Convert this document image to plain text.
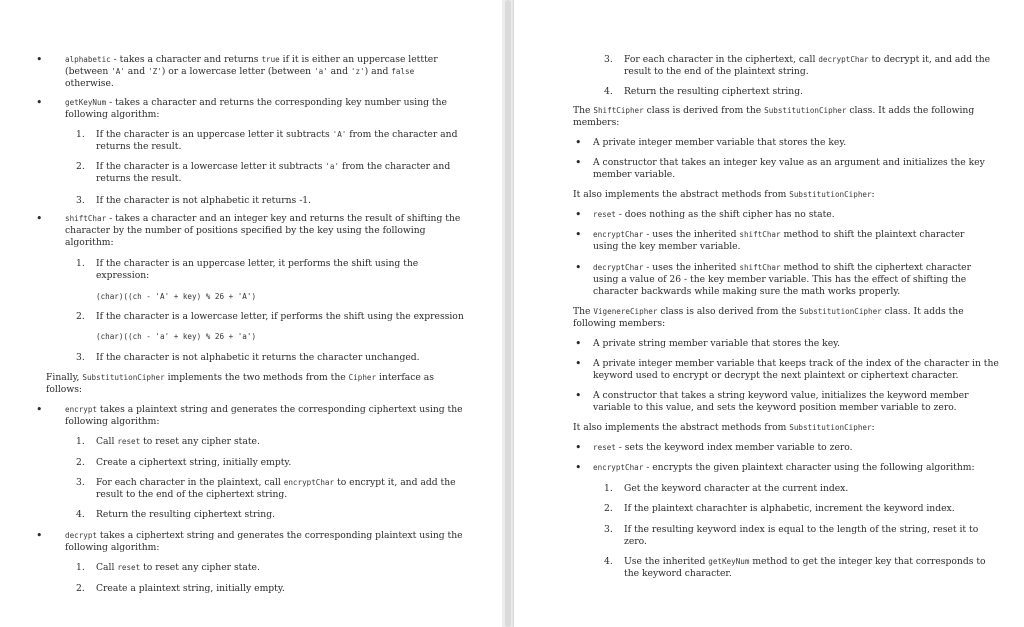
•	alphabetic - takes a character and returns true if it is either an uppercase lettter
(between 'A' and 'Z') or a lowercase letter (between 'a' and 'z') and false
otherwise.
•	getKeyNum - takes a character and returns the corresponding key number using the
following algorithm:
1. If the character is an uppercase letter it subtracts 'A' from the character and
returns the result.
2. If the character is a lowercase letter it subtracts 'a' from the character and
returns the result.
3. If the character is not alphabetic it returns -1.
•	shiftChar - takes a character and an integer key and returns the result of shifting the
character by the number of positions specified by the key using the following
algorithm:
1. If the character is an uppercase letter, it performs the shift using the
expression:
(char)((ch - 'A' + key) % 26 + 'A')
2. If the character is a lowercase letter, if performs the shift using the expression
(char)((ch - 'a' + key) % 26 + 'a')
3. If the character is not alphabetic it returns the character unchanged.
Finally, SubstitutionCipher implements the two methods from the Cipher interface as
follows:
•	encrypt takes a plaintext string and generates the corresponding ciphertext using the
following algorithm:
1. Call reset to reset any cipher state.
2. Create a ciphertext string, initially empty.
3. For each character in the plaintext, call encryptChar to encrypt it, and add the
result to the end of the ciphertext string.
4. Return the resulting ciphertext string.
•	decrypt takes a ciphertext string and generates the corresponding plaintext using the
following algorithm:
1. Call reset to reset any cipher state.
2. Create a plaintext string, initially empty.
3. For each character in the ciphertext, call decryptChar to decrypt it, and add the
result to the end of the plaintext string.
4. Return the resulting ciphertext string.
The ShiftCipher class is derived from the SubstitutionCipher class. It adds the following
members:
• A private integer member variable that stores the key.
• A constructor that takes an integer key value as an argument and initializes the key
member variable.
It also implements the abstract methods from SubstitutionCipher:
• reset - does nothing as the shift cipher has no state.
• encryptChar - uses the inherited shiftChar method to shift the plaintext character
using the key member variable.
• decryptChar - uses the inherited shiftChar method to shift the ciphertext character
using a value of 26 - the key member variable. This has the effect of shifting the
character backwards while making sure the math works properly.
The VigenereCipher class is also derived from the SubstitutionCipher class. It adds the
following members:
• A private string member variable that stores the key.
• A private integer member variable that keeps track of the index of the character in the
keyword used to encrypt or decrypt the next plaintext or ciphertext character.
• A constructor that takes a string keyword value, initializes the keyword member
variable to this value, and sets the keyword position member variable to zero.
It also implements the abstract methods from SubstitutionCipher:
• reset - sets the keyword index member variable to zero.
• encryptChar - encrypts the given plaintext character using the following algorithm:
1. Get the keyword character at the current index.
2. If the plaintext charachter is alphabetic, increment the keyword index.
3. If the resulting keyword index is equal to the length of the string, reset it to
zero.
4. Use the inherited getKeyNum method to get the integer key that corresponds to
the keyword character.
